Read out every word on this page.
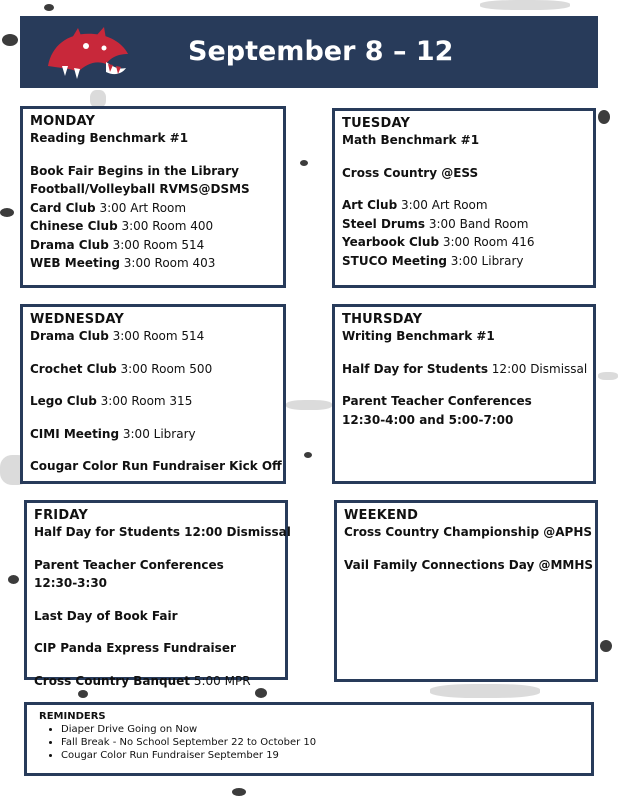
September 8 – 12
MONDAY
Reading Benchmark #1
Book Fair Begins in the Library
Football/Volleyball RVMS@DSMS
Card Club 3:00 Art Room
Chinese Club 3:00 Room 400
Drama Club 3:00 Room 514
WEB Meeting 3:00 Room 403
TUESDAY
Math Benchmark #1
Cross Country @ESS
Art Club 3:00 Art Room
Steel Drums 3:00 Band Room
Yearbook Club 3:00 Room 416
STUCO Meeting 3:00 Library
WEDNESDAY
Drama Club 3:00 Room 514
Crochet Club 3:00 Room 500
Lego Club 3:00 Room 315
CIMI Meeting 3:00 Library
Cougar Color Run Fundraiser Kick Off
THURSDAY
Writing Benchmark #1
Half Day for Students 12:00 Dismissal
Parent Teacher Conferences
12:30-4:00 and 5:00-7:00
FRIDAY
Half Day for Students 12:00 Dismissal
Parent Teacher Conferences
12:30-3:30
Last Day of Book Fair
CIP Panda Express Fundraiser
Cross Country Banquet 5:00 MPR
WEEKEND
Cross Country Championship @APHS
Vail Family Connections Day @MMHS
REMINDERS
• Diaper Drive Going on Now
• Fall Break - No School September 22 to October 10
• Cougar Color Run Fundraiser September 19
